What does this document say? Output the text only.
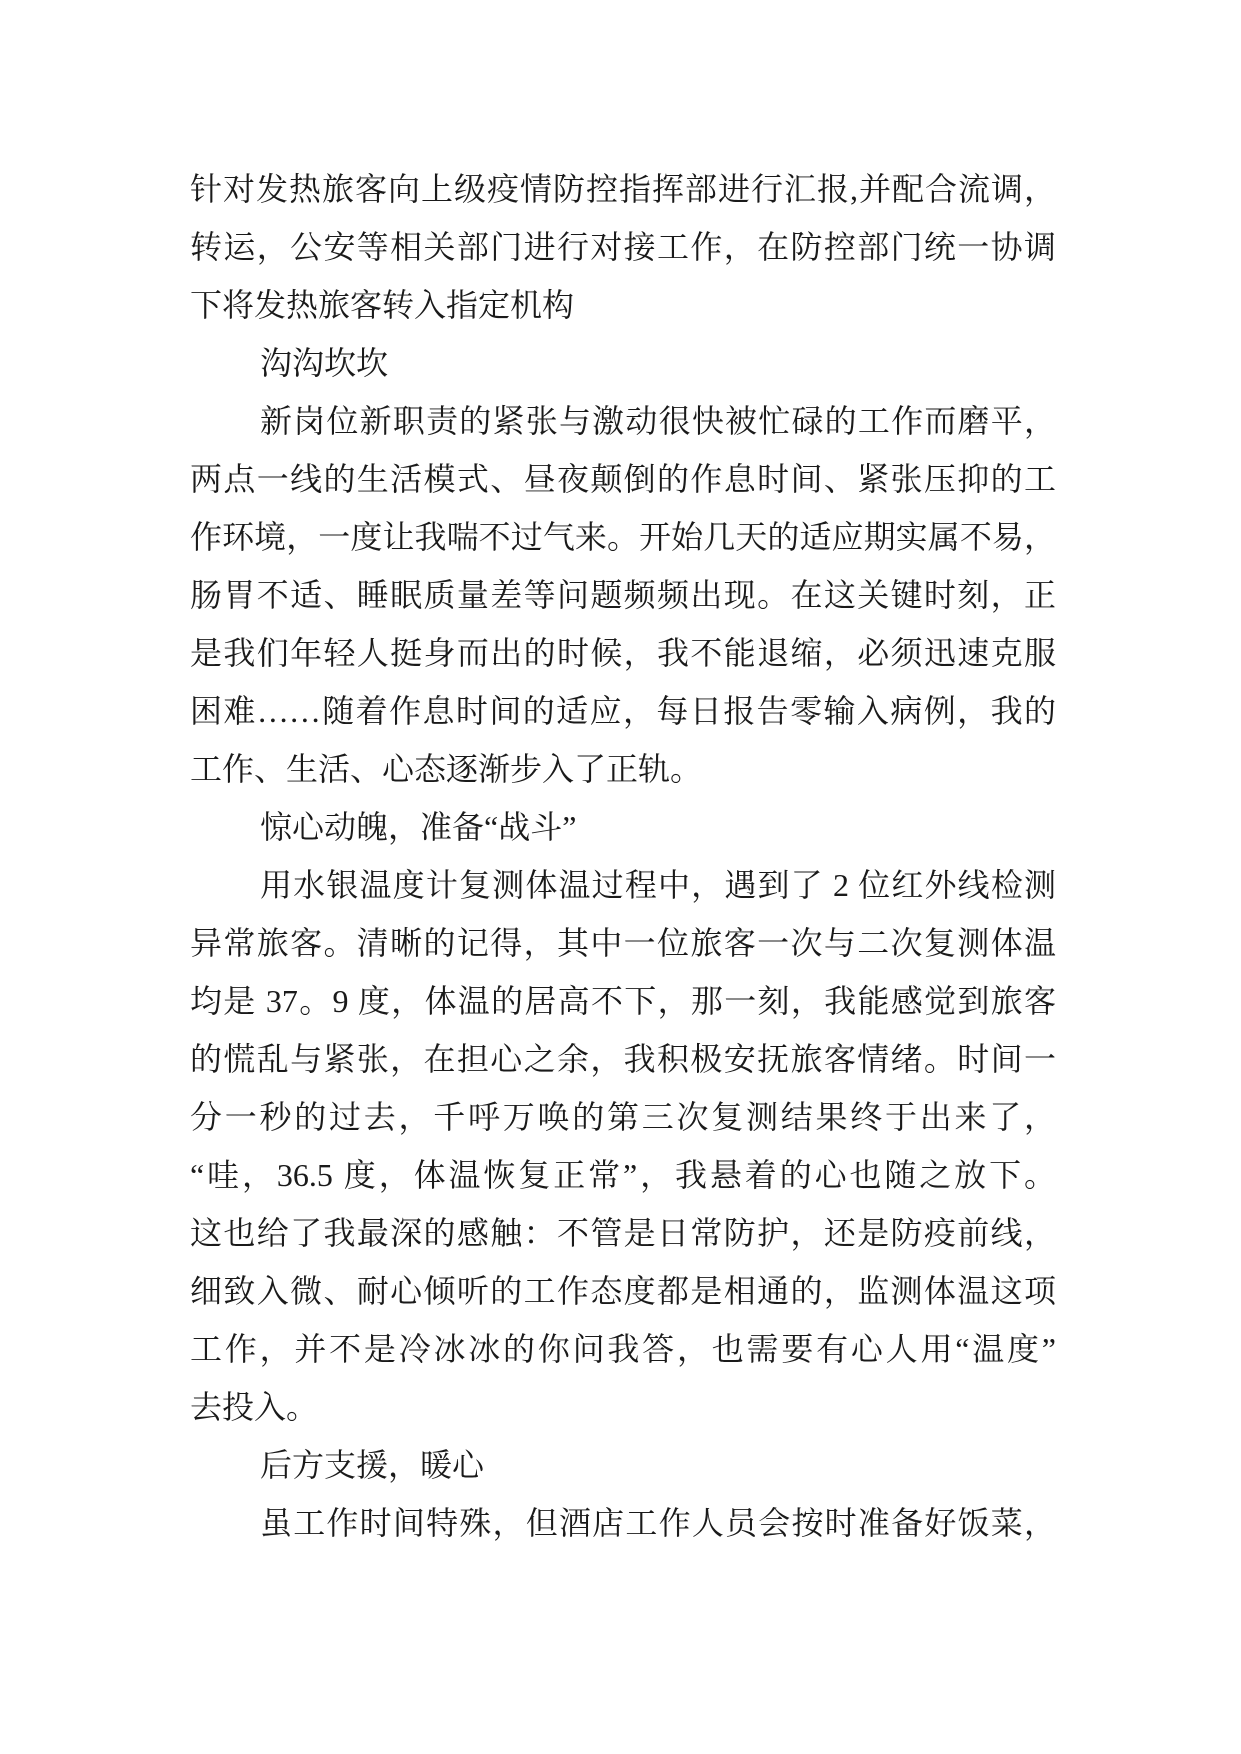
针对发热旅客向上级疫情防控指挥部进行汇报,并配合流调，
转运，公安等相关部门进行对接工作，在防控部门统一协调
下将发热旅客转入指定机构
沟沟坎坎
新岗位新职责的紧张与激动很快被忙碌的工作而磨平，
两点一线的生活模式、昼夜颠倒的作息时间、紧张压抑的工
作环境，一度让我喘不过气来。开始几天的适应期实属不易，
肠胃不适、睡眠质量差等问题频频出现。在这关键时刻，正
是我们年轻人挺身而出的时候，我不能退缩，必须迅速克服
困难……随着作息时间的适应，每日报告零输入病例，我的
工作、生活、心态逐渐步入了正轨。
惊心动魄，准备“战斗”
用水银温度计复测体温过程中，遇到了 2 位红外线检测
异常旅客。清晰的记得，其中一位旅客一次与二次复测体温
均是 37。9 度，体温的居高不下，那一刻，我能感觉到旅客
的慌乱与紧张，在担心之余，我积极安抚旅客情绪。时间一
分一秒的过去，千呼万唤的第三次复测结果终于出来了，
“哇，36.5 度，体温恢复正常”，我悬着的心也随之放下。
这也给了我最深的感触：不管是日常防护，还是防疫前线，
细致入微、耐心倾听的工作态度都是相通的，监测体温这项
工作，并不是冷冰冰的你问我答，也需要有心人用“温度”
去投入。
后方支援，暖心
虽工作时间特殊，但酒店工作人员会按时准备好饭菜，
